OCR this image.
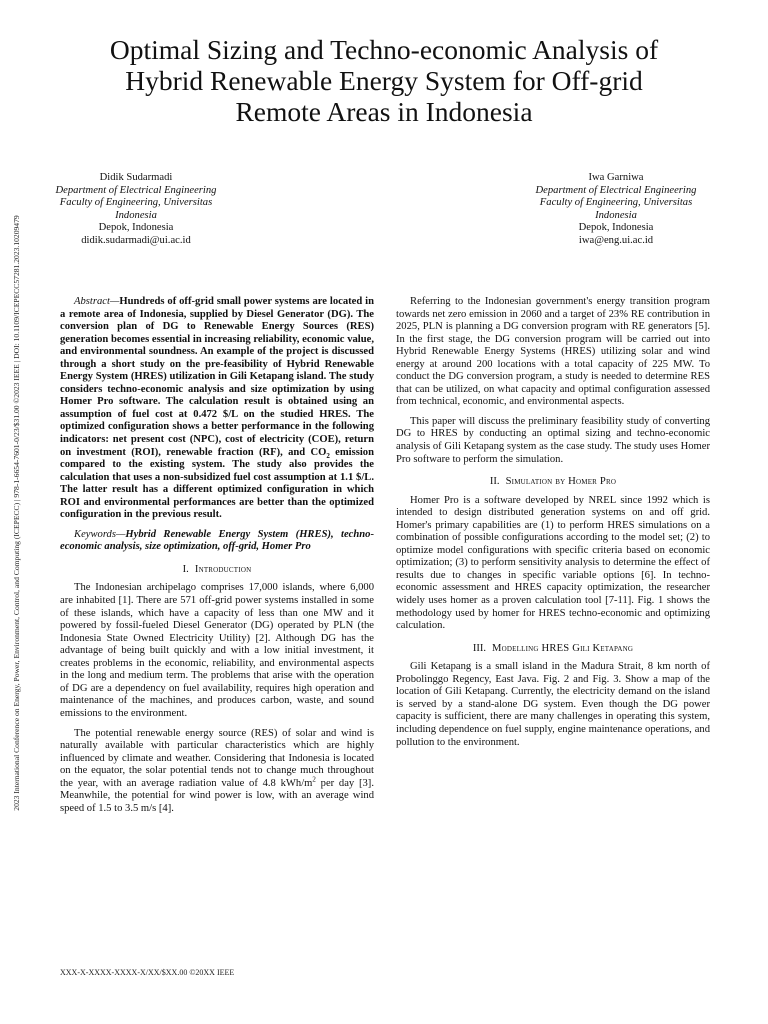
2023 International Conference on Energy, Power, Environment, Control, and Computing (ICEPECC) | 978-1-6654-7601-0/23/$31.00 ©2023 IEEE | DOI: 10.1109/ICEPECC57281.2023.10209479
Optimal Sizing and Techno-economic Analysis of
Hybrid Renewable Energy System for Off-grid
Remote Areas in Indonesia
Didik Sudarmadi
Department of Electrical Engineering
Faculty of Engineering, Universitas
Indonesia
Depok, Indonesia
didik.sudarmadi@ui.ac.id
Iwa Garniwa
Department of Electrical Engineering
Faculty of Engineering, Universitas
Indonesia
Depok, Indonesia
iwa@eng.ui.ac.id

Abstract—Hundreds of off-grid small power systems are located in a remote area of Indonesia, supplied by Diesel Generator (DG). The conversion plan of DG to Renewable Energy Sources (RES) generation becomes essential in increasing reliability, economic value, and environmental soundness. An example of the project is discussed through a short study on the pre-feasibility of Hybrid Renewable Energy System (HRES) utilization in Gili Ketapang island. The study considers techno-economic analysis and size optimization by using Homer Pro software. The calculation result is obtained using an assumption of fuel cost at 0.472 $/L on the studied HRES. The optimized configuration shows a better performance in the following indicators: net present cost (NPC), cost of electricity (COE), return on investment (ROI), renewable fraction (RF), and $CO_2$ emission compared to the existing system. The study also provides the calculation that uses a non-subsidized fuel cost assumption at 1.1 $/L. The latter result has a different optimized configuration in which ROI and environmental performances are better than the optimized configuration in the previous result.

Keywords—Hybrid Renewable Energy System (HRES), techno-economic analysis, size optimization, off-grid, Homer Pro

I. Introduction

The Indonesian archipelago comprises 17,000 islands, where 6,000 are inhabited [1]. There are 571 off-grid power systems installed in some of these islands, which have a capacity of less than one MW and it powered by fossil-fueled Diesel Generator (DG) operated by PLN (the Indonesia State Owned Electricity Utility) [2]. Although DG has the advantage of being built quickly and with a low initial investment, it creates problems in the economic, reliability, and environmental aspects in the long and medium term. The problems that arise with the operation of DG are a dependency on fuel availability, requires high operation and maintenance of the machines, and produces carbon, waste, and sound emissions to the environment.

The potential renewable energy source (RES) of solar and wind is naturally available with particular characteristics which are highly influenced by climate and weather. Considering that Indonesia is located on the equator, the solar potential tends not to change much throughout the year, with an average radiation value of 4.8 kWh/$m^2$ per day [3]. Meanwhile, the potential for wind power is low, with an average wind speed of 1.5 to 3.5 m/s [4].

Referring to the Indonesian government's energy transition program towards net zero emission in 2060 and a target of 23% RE contribution in 2025, PLN is planning a DG conversion program with RE generators [5]. In the first stage, the DG conversion program will be carried out into Hybrid Renewable Energy Systems (HRES) utilizing solar and wind energy at around 200 locations with a total capacity of 225 MW. To conduct the DG conversion program, a study is needed to determine RES that can be utilized, on what capacity and optimal configuration assessed from technical, economic, and environmental aspects.

This paper will discuss the preliminary feasibility study of converting DG to HRES by conducting an optimal sizing and techno-economic analysis of Gili Ketapang system as the case study. The study uses Homer Pro software to perform the simulation.

II. Simulation by Homer Pro

Homer Pro is a software developed by NREL since 1992 which is intended to design distributed generation systems on and off grid. Homer's primary capabilities are (1) to perform HRES simulations on a combination of possible configurations according to the model set; (2) to optimize model configurations with specific criteria based on economic optimization; (3) to perform sensitivity analysis to determine the effect of results due to changes in specific variable options [6]. In techno-economic assessment and HRES capacity optimization, the researcher widely uses homer as a proven calculation tool [7-11]. Fig. 1 shows the methodology used by homer for HRES techno-economic and optimizing calculation.

III. Modelling HRES Gili Ketapang

Gili Ketapang is a small island in the Madura Strait, 8 km north of Probolinggo Regency, East Java. Fig. 2 and Fig. 3. Show a map of the location of Gili Ketapang. Currently, the electricity demand on the island is served by a stand-alone DG system. Even though the DG power capacity is sufficient, there are many challenges in operating this system, including dependence on fuel supply, engine maintenance operations, and pollution to the environment.

XXX-X-XXXX-XXXX-X/XX/$XX.00 ©20XX IEEE
